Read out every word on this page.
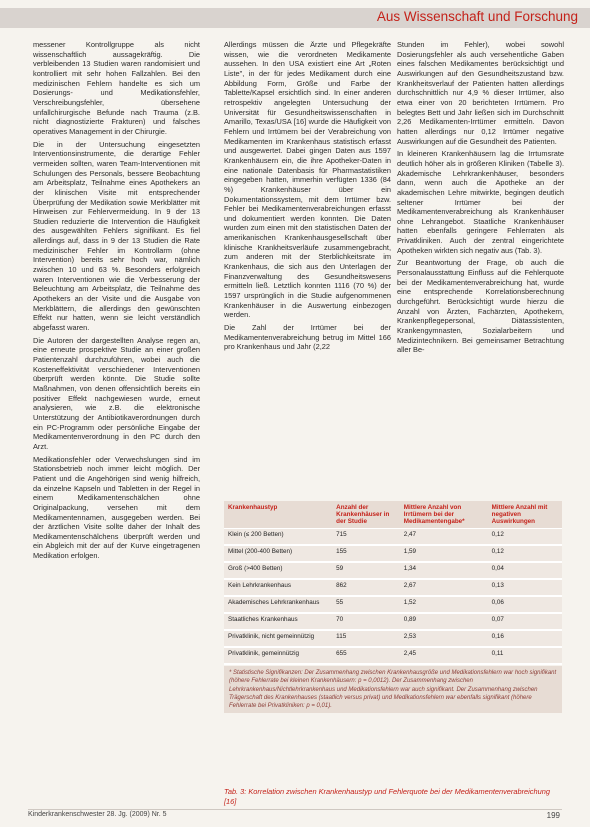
Aus Wissenschaft und Forschung

messener Kontrollgruppe als nicht wissenschaftlich aussagekräftig. Die verbleibenden 13 Studien waren randomisiert und kontrolliert mit sehr hohen Fallzahlen. Bei den medizinischen Fehlern handelte es sich um Dosierungs- und Medikationsfehler, Verschreibungsfehler, übersehene unfallchirurgische Befunde nach Trauma (z.B. nicht diagnostizierte Frakturen) und falsches operatives Management in der Chirurgie.

Die in der Untersuchung eingesetzten Interventionsinstrumente, die derartige Fehler vermeiden sollten, waren Team-Interventionen mit Schulungen des Personals, bessere Beobachtung am Arbeitsplatz, Teilnahme eines Apothekers an der klinischen Visite mit entsprechender Überprüfung der Medikation sowie Merkblätter mit Hinweisen zur Fehlervermeidung. In 9 der 13 Studien reduzierte die Intervention die Häufigkeit des ausgewählten Fehlers signifikant. Es fiel allerdings auf, dass in 9 der 13 Studien die Rate medizinischer Fehler im Kontrollarm (ohne Intervention) bereits sehr hoch war, nämlich zwischen 10 und 63 %. Besonders erfolgreich waren Interventionen wie die Verbesserung der Beleuchtung am Arbeitsplatz, die Teilnahme des Apothekers an der Visite und die Ausgabe von Merkblättern, die allerdings den gewünschten Effekt nur hatten, wenn sie leicht verständlich abgefasst waren.

Die Autoren der dargestellten Analyse regen an, eine erneute prospektive Studie an einer großen Patientenzahl durchzuführen, wobei auch die Kosteneffektivität verschiedener Interventionen überprüft werden könnte. Die Studie sollte Maßnahmen, von denen offensichtlich bereits ein positiver Effekt nachgewiesen wurde, erneut analysieren, wie z.B. die elektronische Unterstützung der Antibiotikaverordnungen durch ein PC-Programm oder persönliche Eingabe der Medikamentenverordnung in den PC durch den Arzt.

Medikationsfehler oder Verwechslungen sind im Stationsbetrieb noch immer leicht möglich. Der Patient und die Angehörigen sind wenig hilfreich, da einzelne Kapseln und Tabletten in der Regel in einem Medikamentenschälchen ohne Originalpackung, versehen mit dem Medikamentennamen, ausgegeben werden. Bei der ärztlichen Visite sollte daher der Inhalt des Medikamentenschälchens überprüft werden und ein Abgleich mit der auf der Kurve eingetragenen Medikation erfolgen.

Allerdings müssen die Ärzte und Pflegekräfte wissen, wie die verordneten Medikamente aussehen. In den USA existiert eine Art „Roten Liste", in der für jedes Medikament durch eine Abbildung Form, Größe und Farbe der Tablette/Kapsel ersichtlich sind. In einer anderen retrospektiv angelegten Untersuchung der Universität für Gesundheitswissenschaften in Amarillo, Texas/USA [16] wurde die Häufigkeit von Fehlern und Irrtümern bei der Verabreichung von Medikamenten im Krankenhaus statistisch erfasst und ausgewertet. Dabei gingen Daten aus 1597 Krankenhäusern ein, die ihre Apotheker-Daten in eine nationale Datenbasis für Pharmastatistiken eingegeben hatten, immerhin verfügten 1336 (84 %) Krankenhäuser über ein Dokumentationssystem, mit dem Irrtümer bzw. Fehler bei Medikamentenverabreichungen erfasst und dokumentiert werden konnten. Die Daten wurden zum einen mit den statistischen Daten der amerikanischen Krankenhausgesellschaft über klinische Krankheitsverläufe zusammengebracht, zum anderen mit der Sterblichkeitsrate im Krankenhaus, die sich aus den Unterlagen der Finanzverwaltung des Gesundheitswesens ermitteln ließ. Letztlich konnten 1116 (70 %) der 1597 ursprünglich in die Studie aufgenommenen Krankenhäuser in die Auswertung einbezogen werden.

Die Zahl der Irrtümer bei der Medikamentenverabreichung betrug im Mittel 166 pro Krankenhaus und Jahr (2,22

Stunden im Fehler), wobei sowohl Dosierungsfehler als auch versehentliche Gaben eines falschen Medikamentes berücksichtigt und Auswirkungen auf den Gesundheitszustand bzw. Krankheitsverlauf der Patienten hatten allerdings durchschnittlich nur 4,9 % dieser Irrtümer, also etwa einer von 20 berichteten Irrtümern. Pro belegtes Bett und Jahr ließen sich im Durchschnitt 2,26 Medikamenten-Irrtümer ermitteln. Davon hatten allerdings nur 0,12 Irrtümer negative Auswirkungen auf die Gesundheit des Patienten.

In kleineren Krankenhäusern lag die Irrtumsrate deutlich höher als in größeren Kliniken (Tabelle 3). Akademische Lehrkrankenhäuser, besonders dann, wenn auch die Apotheke an der akademischen Lehre mitwirkte, begingen deutlich seltener Irrtümer bei der Medikamentenverabreichung als Krankenhäuser ohne Lehrangebot. Staatliche Krankenhäuser hatten ebenfalls geringere Fehlerraten als Privatkliniken. Auch der zentral eingerichtete Apotheken wirkten sich negativ aus (Tab. 3).

Zur Beantwortung der Frage, ob auch die Personalausstattung Einfluss auf die Fehlerquote bei der Medikamentenverabreichung hat, wurde eine entsprechende Korrelationsberechnung durchgeführt. Berücksichtigt wurde hierzu die Anzahl von Ärzten, Fachärzten, Apothekern, Krankenpflegepersonal, Diätassistenten, Krankengymnasten, Sozialarbeitern und Medizintechnikern. Bei gemeinsamer Betrachtung aller Be-

Krankenhaustyp	Anzahl der Krankenhäuser in der Studie	Mittlere Anzahl von Irrtümern bei der Medikamentengabe*	Mittlere Anzahl mit negativen Auswirkungen
Klein (≤ 200 Betten)	715	2,47	0,12
Mittel (200-400 Betten)	155	1,59	0,12
Groß (>400 Betten)	59	1,34	0,04
Kein Lehrkrankenhaus	862	2,67	0,13
Akademisches Lehrkrankenhaus	55	1,52	0,06
Staatliches Krankenhaus	70	0,89	0,07
Privatklinik, nicht gemeinnützig	115	2,53	0,16
Privatklinik, gemeinnützig	655	2,45	0,11
* Statistische Signifikanzen: Der Zusammenhang zwischen Krankenhausgröße und Medikationsfehlern war hoch signifikant (höhere Fehlerrate bei kleinen Krankenhäusern: p = 0,0012). Der Zusammenhang zwischen Lehrkrankenhaus/Nichtlehrkrankenhaus und Medikationsfehlern war auch signifikant. Der Zusammenhang zwischen Trägerschaft des Krankenhauses (staatlich versus privat) und Medikationsfehlern war ebenfalls signifikant (höhere Fehlerrate bei Privatkliniken: p = 0,01).
Tab. 3: Korrelation zwischen Krankenhaustyp und Fehlerquote bei der Medikamentenverabreichung [16]
Kinderkrankenschwester 28. Jg. (2009) Nr. 5	199
